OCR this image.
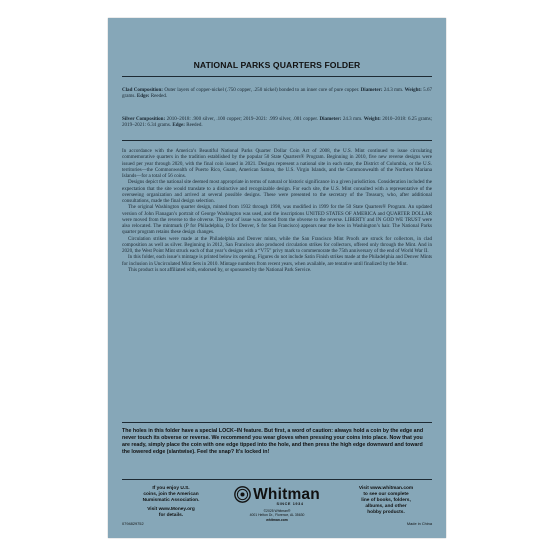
NATIONAL PARKS QUARTERS FOLDER

Clad Composition: Outer layers of copper-nickel (.750 copper, .250 nickel) bonded to an inner core of pure copper. Diameter: 24.3 mm. Weight: 5.67 grams. Edge: Reeded.

Silver Composition: 2010–2018: .900 silver, .100 copper; 2019–2021: .999 silver, .001 copper. Diameter: 24.3 mm. Weight: 2010–2018: 6.25 grams; 2019–2021: 6.34 grams. Edge: Reeded.

In accordance with the America’s Beautiful National Parks Quarter Dollar Coin Act of 2008, the U.S. Mint continued to issue circulating commemorative quarters in the tradition established by the popular 50 State Quarters® Program. Beginning in 2010, five new reverse designs were issued per year through 2020, with the final coin issued in 2021. Designs represent a national site in each state, the District of Columbia, or the U.S. territories—the Commonwealth of Puerto Rico, Guam, American Samoa, the U.S. Virgin Islands, and the Commonwealth of the Northern Mariana Islands—for a total of 56 coins.

Designs depict the national site deemed most appropriate in terms of natural or historic significance in a given jurisdiction. Consideration included the expectation that the site would translate to a distinctive and recognizable design. For each site, the U.S. Mint consulted with a representative of the overseeing organization and arrived at several possible designs. These were presented to the secretary of the Treasury, who, after additional consultations, made the final design selection.

The original Washington quarter design, minted from 1932 through 1998, was modified in 1999 for the 50 State Quarters® Program. An updated version of John Flanagan’s portrait of George Washington was used, and the inscriptions UNITED STATES OF AMERICA and QUARTER DOLLAR were moved from the reverse to the obverse. The year of issue was moved from the obverse to the reverse. LIBERTY and IN GOD WE TRUST were also relocated. The mintmark (P for Philadelphia, D for Denver, S for San Francisco) appears near the bow in Washington’s hair. The National Parks quarter program retains these design changes.

Circulation strikes were made at the Philadelphia and Denver mints, while the San Francisco Mint Proofs are struck for collectors, in clad composition as well as silver. Beginning in 2012, San Francisco also produced circulation strikes for collectors, offered only through the Mint. And in 2020, the West Point Mint struck each of that year’s designs with a “V75” privy mark to commemorate the 75th anniversary of the end of World War II.

In this folder, each issue’s mintage is printed below its opening. Figures do not include Satin Finish strikes made at the Philadelphia and Denver Mints for inclusion in Uncirculated Mint Sets in 2010. Mintage numbers from recent years, when available, are tentative until finalized by the Mint.

This product is not affiliated with, endorsed by, or sponsored by the National Park Service.

The holes in this folder have a special LOCK–IN feature. But first, a word of caution: always hold a coin by the edge and never touch its obverse or reverse. We recommend you wear gloves when pressing your coins into place. Now that you are ready, simply place the coin with one edge tipped into the hole, and then press the high edge downward and toward the lowered edge (slantwise). Feel the snap? It’s locked in!

If you enjoy U.S.
coins, join the American
Numismatic Association.
Visit www.Money.org
for details.
Whitman
SINCE 1934
©2025 Whitman®
4001 Helton Dr., Florence, AL 35630
whitman.com
Visit www.whitman.com
to see our complete
line of books, folders,
albums, and other
hobby products.
0794829752	Made in China
